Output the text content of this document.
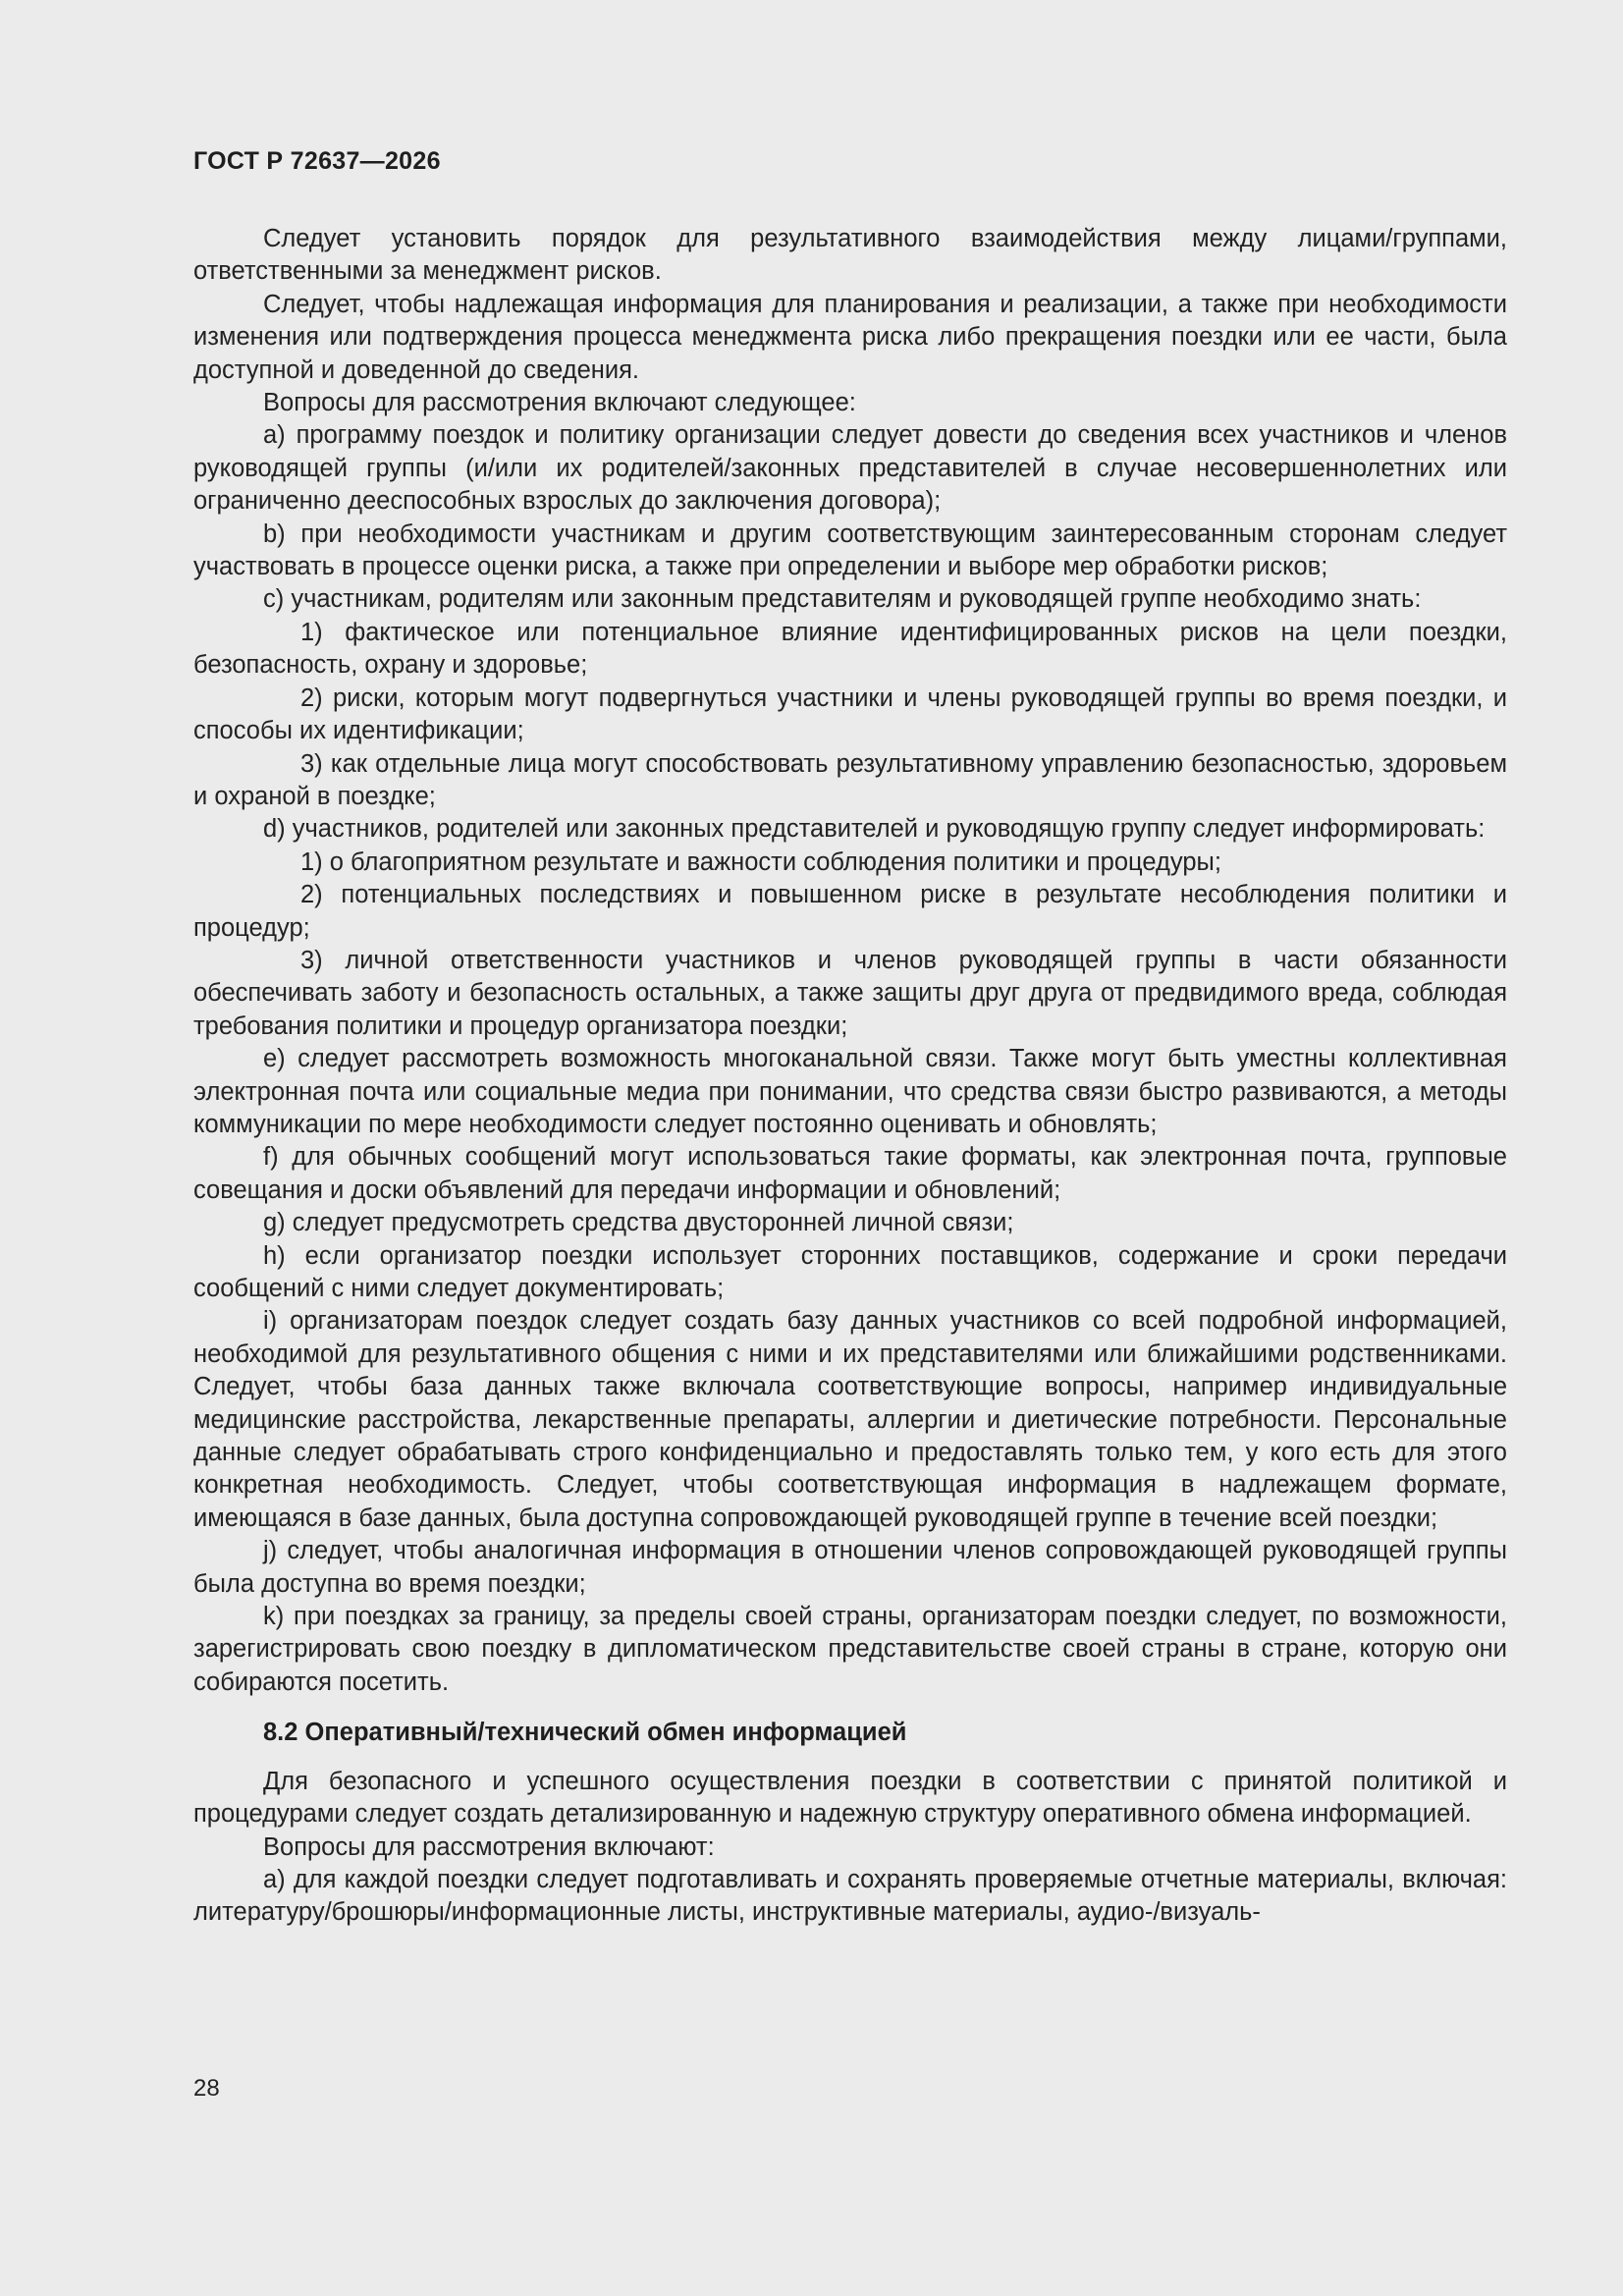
ГОСТ Р 72637—2026

Следует установить порядок для результативного взаимодействия между лицами/группами, ответственными за менеджмент рисков.

Следует, чтобы надлежащая информация для планирования и реализации, а также при необходимости изменения или подтверждения процесса менеджмента риска либо прекращения поездки или ее части, была доступной и доведенной до сведения.

Вопросы для рассмотрения включают следующее:

a) программу поездок и политику организации следует довести до сведения всех участников и членов руководящей группы (и/или их родителей/законных представителей в случае несовершеннолетних или ограниченно дееспособных взрослых до заключения договора);

b) при необходимости участникам и другим соответствующим заинтересованным сторонам следует участвовать в процессе оценки риска, а также при определении и выборе мер обработки рисков;

c) участникам, родителям или законным представителям и руководящей группе необходимо знать:

1) фактическое или потенциальное влияние идентифицированных рисков на цели поездки, безопасность, охрану и здоровье;

2) риски, которым могут подвергнуться участники и члены руководящей группы во время поездки, и способы их идентификации;

3) как отдельные лица могут способствовать результативному управлению безопасностью, здоровьем и охраной в поездке;

d) участников, родителей или законных представителей и руководящую группу следует информировать:

1) о благоприятном результате и важности соблюдения политики и процедуры;

2) потенциальных последствиях и повышенном риске в результате несоблюдения политики и процедур;

3) личной ответственности участников и членов руководящей группы в части обязанности обеспечивать заботу и безопасность остальных, а также защиты друг друга от предвидимого вреда, соблюдая требования политики и процедур организатора поездки;

e) следует рассмотреть возможность многоканальной связи. Также могут быть уместны коллективная электронная почта или социальные медиа при понимании, что средства связи быстро развиваются, а методы коммуникации по мере необходимости следует постоянно оценивать и обновлять;

f) для обычных сообщений могут использоваться такие форматы, как электронная почта, групповые совещания и доски объявлений для передачи информации и обновлений;

g) следует предусмотреть средства двусторонней личной связи;

h) если организатор поездки использует сторонних поставщиков, содержание и сроки передачи сообщений с ними следует документировать;

i) организаторам поездок следует создать базу данных участников со всей подробной информацией, необходимой для результативного общения с ними и их представителями или ближайшими родственниками. Следует, чтобы база данных также включала соответствующие вопросы, например индивидуальные медицинские расстройства, лекарственные препараты, аллергии и диетические потребности. Персональные данные следует обрабатывать строго конфиденциально и предоставлять только тем, у кого есть для этого конкретная необходимость. Следует, чтобы соответствующая информация в надлежащем формате, имеющаяся в базе данных, была доступна сопровождающей руководящей группе в течение всей поездки;

j) следует, чтобы аналогичная информация в отношении членов сопровождающей руководящей группы была доступна во время поездки;

k) при поездках за границу, за пределы своей страны, организаторам поездки следует, по возможности, зарегистрировать свою поездку в дипломатическом представительстве своей страны в стране, которую они собираются посетить.

8.2 Оперативный/технический обмен информацией

Для безопасного и успешного осуществления поездки в соответствии с принятой политикой и процедурами следует создать детализированную и надежную структуру оперативного обмена информацией.

Вопросы для рассмотрения включают:

a) для каждой поездки следует подготавливать и сохранять проверяемые отчетные материалы, включая: литературу/брошюры/информационные листы, инструктивные материалы, аудио-/визуаль-

28
